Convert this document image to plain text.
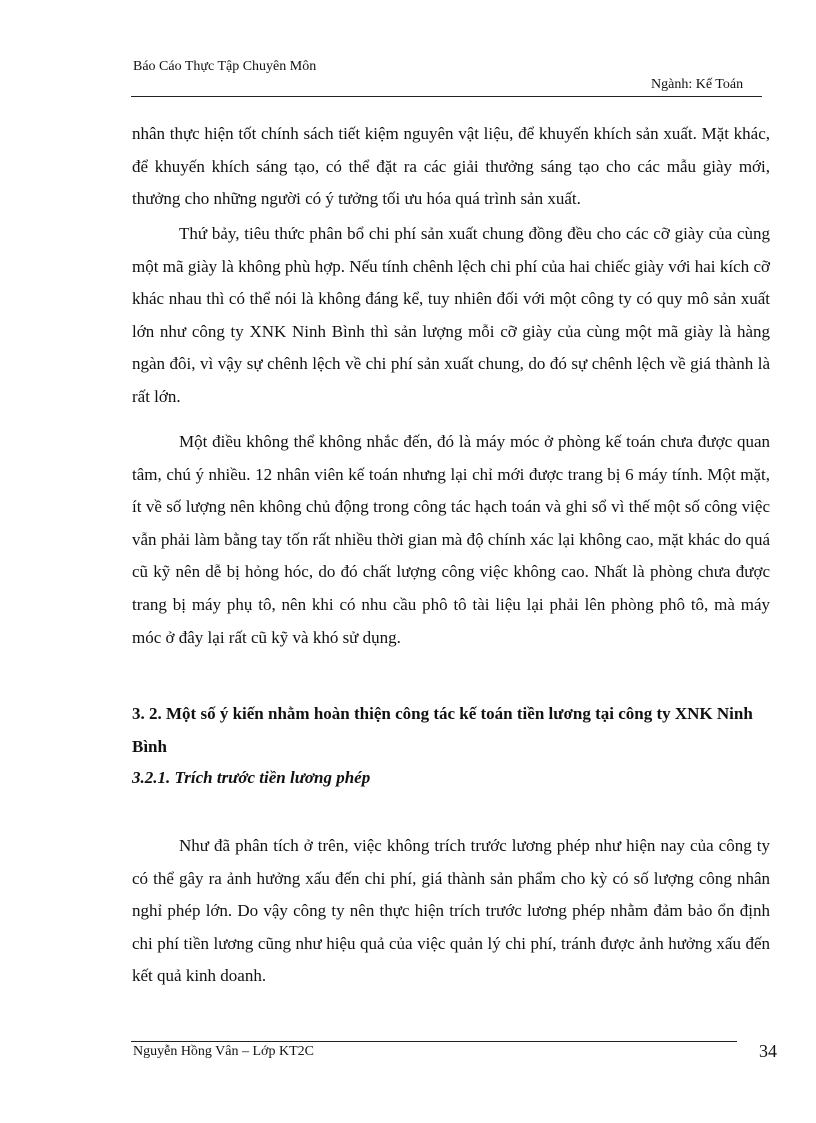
Báo Cáo Thực Tập Chuyên Môn
Ngành: Kế Toán

nhân thực hiện tốt chính sách tiết kiệm nguyên vật liệu, để khuyến khích sản xuất. Mặt khác, để khuyến khích sáng tạo, có thể đặt ra các giải thưởng sáng tạo cho các mẫu giày mới, thưởng cho những người có ý tưởng tối ưu hóa quá trình sản xuất.

Thứ bảy, tiêu thức phân bổ chi phí sản xuất chung đồng đều cho các cỡ giày của cùng một mã giày là không phù hợp. Nếu tính chênh lệch chi phí của hai chiếc giày với hai kích cỡ khác nhau thì có thể nói là không đáng kể, tuy nhiên đối với một công ty có quy mô sản xuất lớn như công ty XNK Ninh Bình thì sản lượng mỗi cỡ giày của cùng một mã giày là hàng ngàn đôi, vì vậy sự chênh lệch về chi phí sản xuất chung, do đó sự chênh lệch về giá thành là rất lớn.

Một điều không thể không nhắc đến, đó là máy móc ở phòng kế toán chưa được quan tâm, chú ý nhiều. 12 nhân viên kế toán nhưng lại chỉ mới được trang bị 6 máy tính. Một mặt, ít về số lượng nên không chủ động trong công tác hạch toán và ghi sổ vì thế một số công việc vẫn phải làm bằng tay tốn rất nhiều thời gian mà độ chính xác lại không cao, mặt khác do quá cũ kỹ nên dễ bị hỏng hóc, do đó chất lượng công việc không cao. Nhất là phòng chưa được trang bị máy phụ tô, nên khi có nhu cầu phô tô tài liệu lại phải lên phòng phô tô, mà máy móc ở đây lại rất cũ kỹ và khó sử dụng.

3. 2. Một số ý kiến nhằm hoàn thiện công tác kế toán tiền lương tại công ty XNK Ninh Bình

3.2.1. Trích trước tiền lương phép

Như đã phân tích ở trên, việc không trích trước lương phép như hiện nay của công ty có thể gây ra ảnh hưởng xấu đến chi phí, giá thành sản phẩm cho kỳ có số lượng công nhân nghỉ phép lớn. Do vậy công ty nên thực hiện trích trước lương phép nhằm đảm bảo ổn định chi phí tiền lương cũng như hiệu quả của việc quản lý chi phí, tránh được ảnh hưởng xấu đến kết quả kinh doanh.

Nguyễn Hồng Vân – Lớp KT2C	34
